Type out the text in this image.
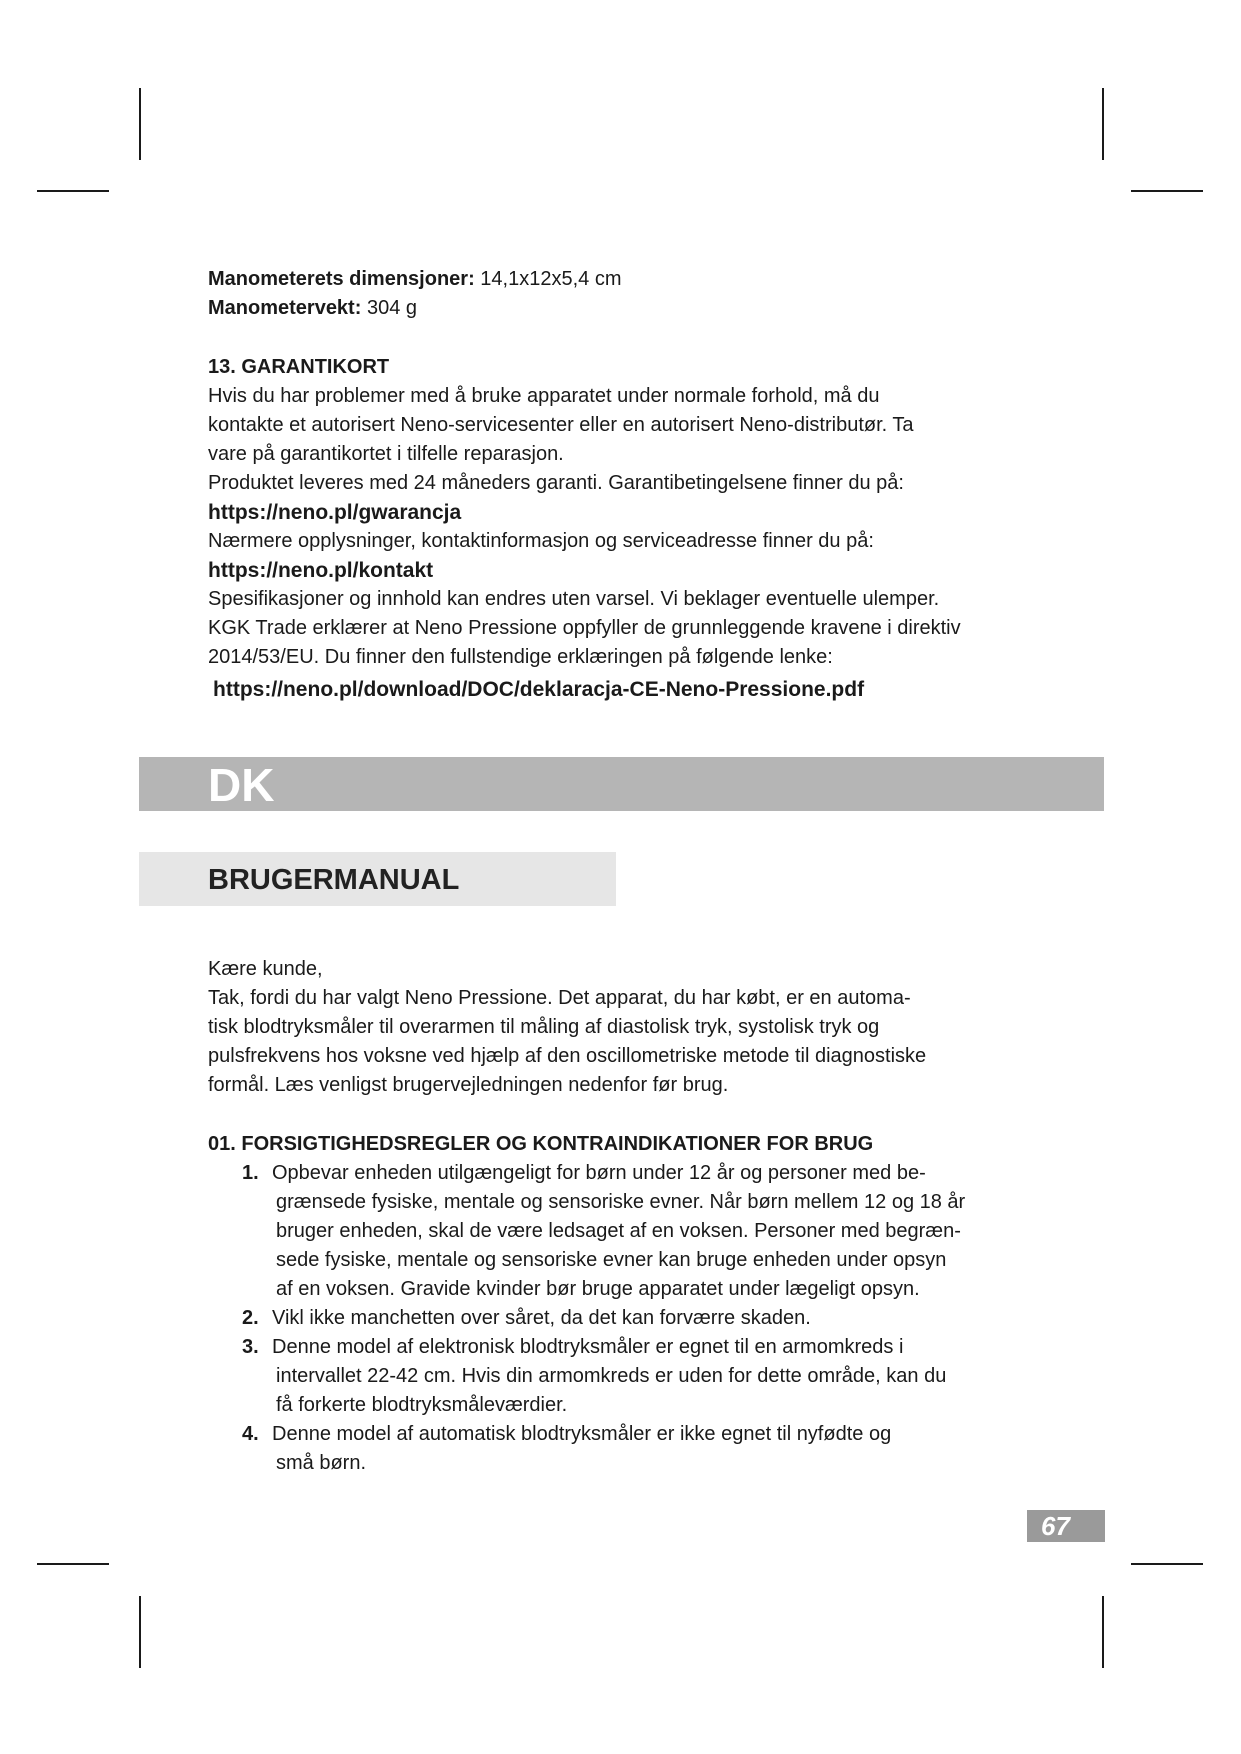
Manometerets dimensjoner: 14,1x12x5,4 cm
Manometervekt: 304 g
13. GARANTIKORT
Hvis du har problemer med å bruke apparatet under normale forhold, må du
kontakte et autorisert Neno-servicesenter eller en autorisert Neno-distributør. Ta
vare på garantikortet i tilfelle reparasjon.
Produktet leveres med 24 måneders garanti. Garantibetingelsene finner du på:
https://neno.pl/gwarancja
Nærmere opplysninger, kontaktinformasjon og serviceadresse finner du på:
https://neno.pl/kontakt
Spesifikasjoner og innhold kan endres uten varsel. Vi beklager eventuelle ulemper.
KGK Trade erklærer at Neno Pressione oppfyller de grunnleggende kravene i direktiv
2014/53/EU. Du finner den fullstendige erklæringen på følgende lenke:
https://neno.pl/download/DOC/deklaracja-CE-Neno-Pressione.pdf
DK
BRUGERMANUAL
Kære kunde,
Tak, fordi du har valgt Neno Pressione. Det apparat, du har købt, er en automa-
tisk blodtryksmåler til overarmen til måling af diastolisk tryk, systolisk tryk og
pulsfrekvens hos voksne ved hjælp af den oscillometriske metode til diagnostiske
formål. Læs venligst brugervejledningen nedenfor før brug.
01. FORSIGTIGHEDSREGLER OG KONTRAINDIKATIONER FOR BRUG
1. Opbevar enheden utilgængeligt for børn under 12 år og personer med be-
grænsede fysiske, mentale og sensoriske evner. Når børn mellem 12 og 18 år
bruger enheden, skal de være ledsaget af en voksen. Personer med begræn-
sede fysiske, mentale og sensoriske evner kan bruge enheden under opsyn
af en voksen. Gravide kvinder bør bruge apparatet under lægeligt opsyn.
2. Vikl ikke manchetten over såret, da det kan forværre skaden.
3. Denne model af elektronisk blodtryksmåler er egnet til en armomkreds i
intervallet 22-42 cm. Hvis din armomkreds er uden for dette område, kan du
få forkerte blodtryksmåleværdier.
4. Denne model af automatisk blodtryksmåler er ikke egnet til nyfødte og
små børn.
67
